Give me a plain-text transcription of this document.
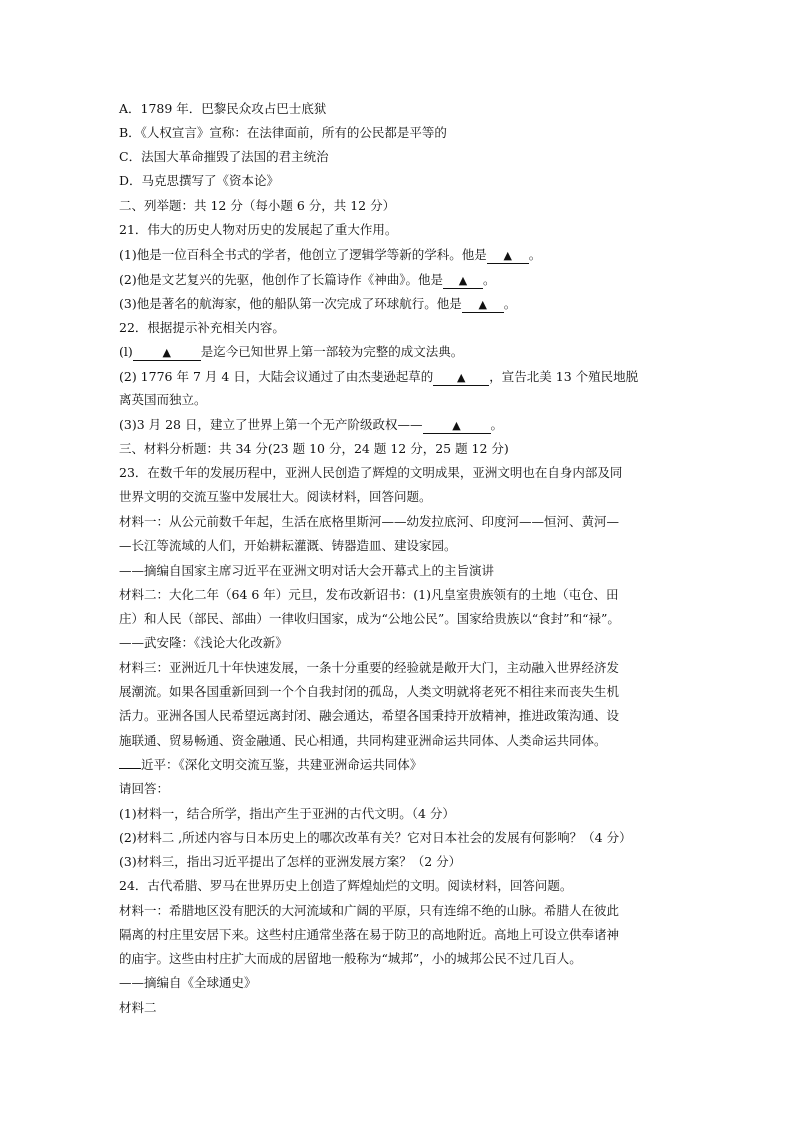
A．1789 年．巴黎民众攻占巴士底狱
B．《人权宣言》宣称：在法律面前，所有的公民都是平等的
C．法国大革命摧毁了法国的君主统治
D．马克思撰写了《资本论》
二、列举题：共 12 分（每小题 6 分，共 12 分）
21．伟大的历史人物对历史的发展起了重大作用。
(1)他是一位百科全书式的学者，他创立了逻辑学等新的学科。他是 ▲ 。
(2)他是文艺复兴的先驱，他创作了长篇诗作《神曲》。他是 ▲ 。
(3)他是著名的航海家，他的船队第一次完成了环球航行。他是 ▲ 。
22．根据提示补充相关内容。
(l)	▲ 是迄今已知世界上第一部较为完整的成文法典。
(2) 1776 年 7 月 4 日，大陆会议通过了由杰斐逊起草的 ▲ ，宣告北美 13 个殖民地脱
离英国而独立。
(3)3 月 28 日，建立了世界上第一个无产阶级政权——	▲ 。
三、材料分析题：共 34 分(23 题 10 分，24 题 12 分，25 题 12 分)
23．在数千年的发展历程中，亚洲人民创造了辉煌的文明成果，亚洲文明也在自身内部及同
世界文明的交流互鉴中发展壮大。阅读材料，回答问题。
材料一：从公元前数千年起，生活在底格里斯河——幼发拉底河、印度河——恒河、黄河—
—长江等流域的人们，开始耕耘灌溉、铸器造皿、建设家园。
——摘编自国家主席习近平在亚洲文明对话大会开幕式上的主旨演讲
材料二：大化二年（64 6 年）元旦，发布改新诏书：(1)凡皇室贵族领有的土地（屯仓、田
庄）和人民（部民、部曲）一律收归国家，成为“公地公民”。国家给贵族以“食封”和“禄”。
——武安隆：《浅论大化改新》
材料三：亚洲近几十年快速发展，一条十分重要的经验就是敞开大门，主动融入世界经济发
展潮流。如果各国重新回到一个个自我封闭的孤岛，人类文明就将老死不相往来而丧失生机
活力。亚洲各国人民希望远离封闭、融会通达，希望各国秉持开放精神，推进政策沟通、设
施联通、贸易畅通、资金融通、民心相通，共同构建亚洲命运共同体、人类命运共同体。
近平：《深化文明交流互鉴，共建亚洲命运共同体》
请回答：
(1)材料一，结合所学，指出产生于亚洲的古代文明。（4 分）
(2)材料二 ,所述内容与日本历史上的哪次改革有关？它对日本社会的发展有何影响？（4 分）
(3)材料三，指出习近平提出了怎样的亚洲发展方案？（2 分）
24．古代希腊、罗马在世界历史上创造了辉煌灿烂的文明。阅读材料，回答问题。
材料一：希腊地区没有肥沃的大河流域和广阔的平原，只有连绵不绝的山脉。希腊人在彼此
隔离的村庄里安居下来。这些村庄通常坐落在易于防卫的高地附近。高地上可设立供奉诸神
的庙宇。这些由村庄扩大而成的居留地一般称为“城邦”，小的城邦公民不过几百人。
——摘编自《全球通史》
材料二
